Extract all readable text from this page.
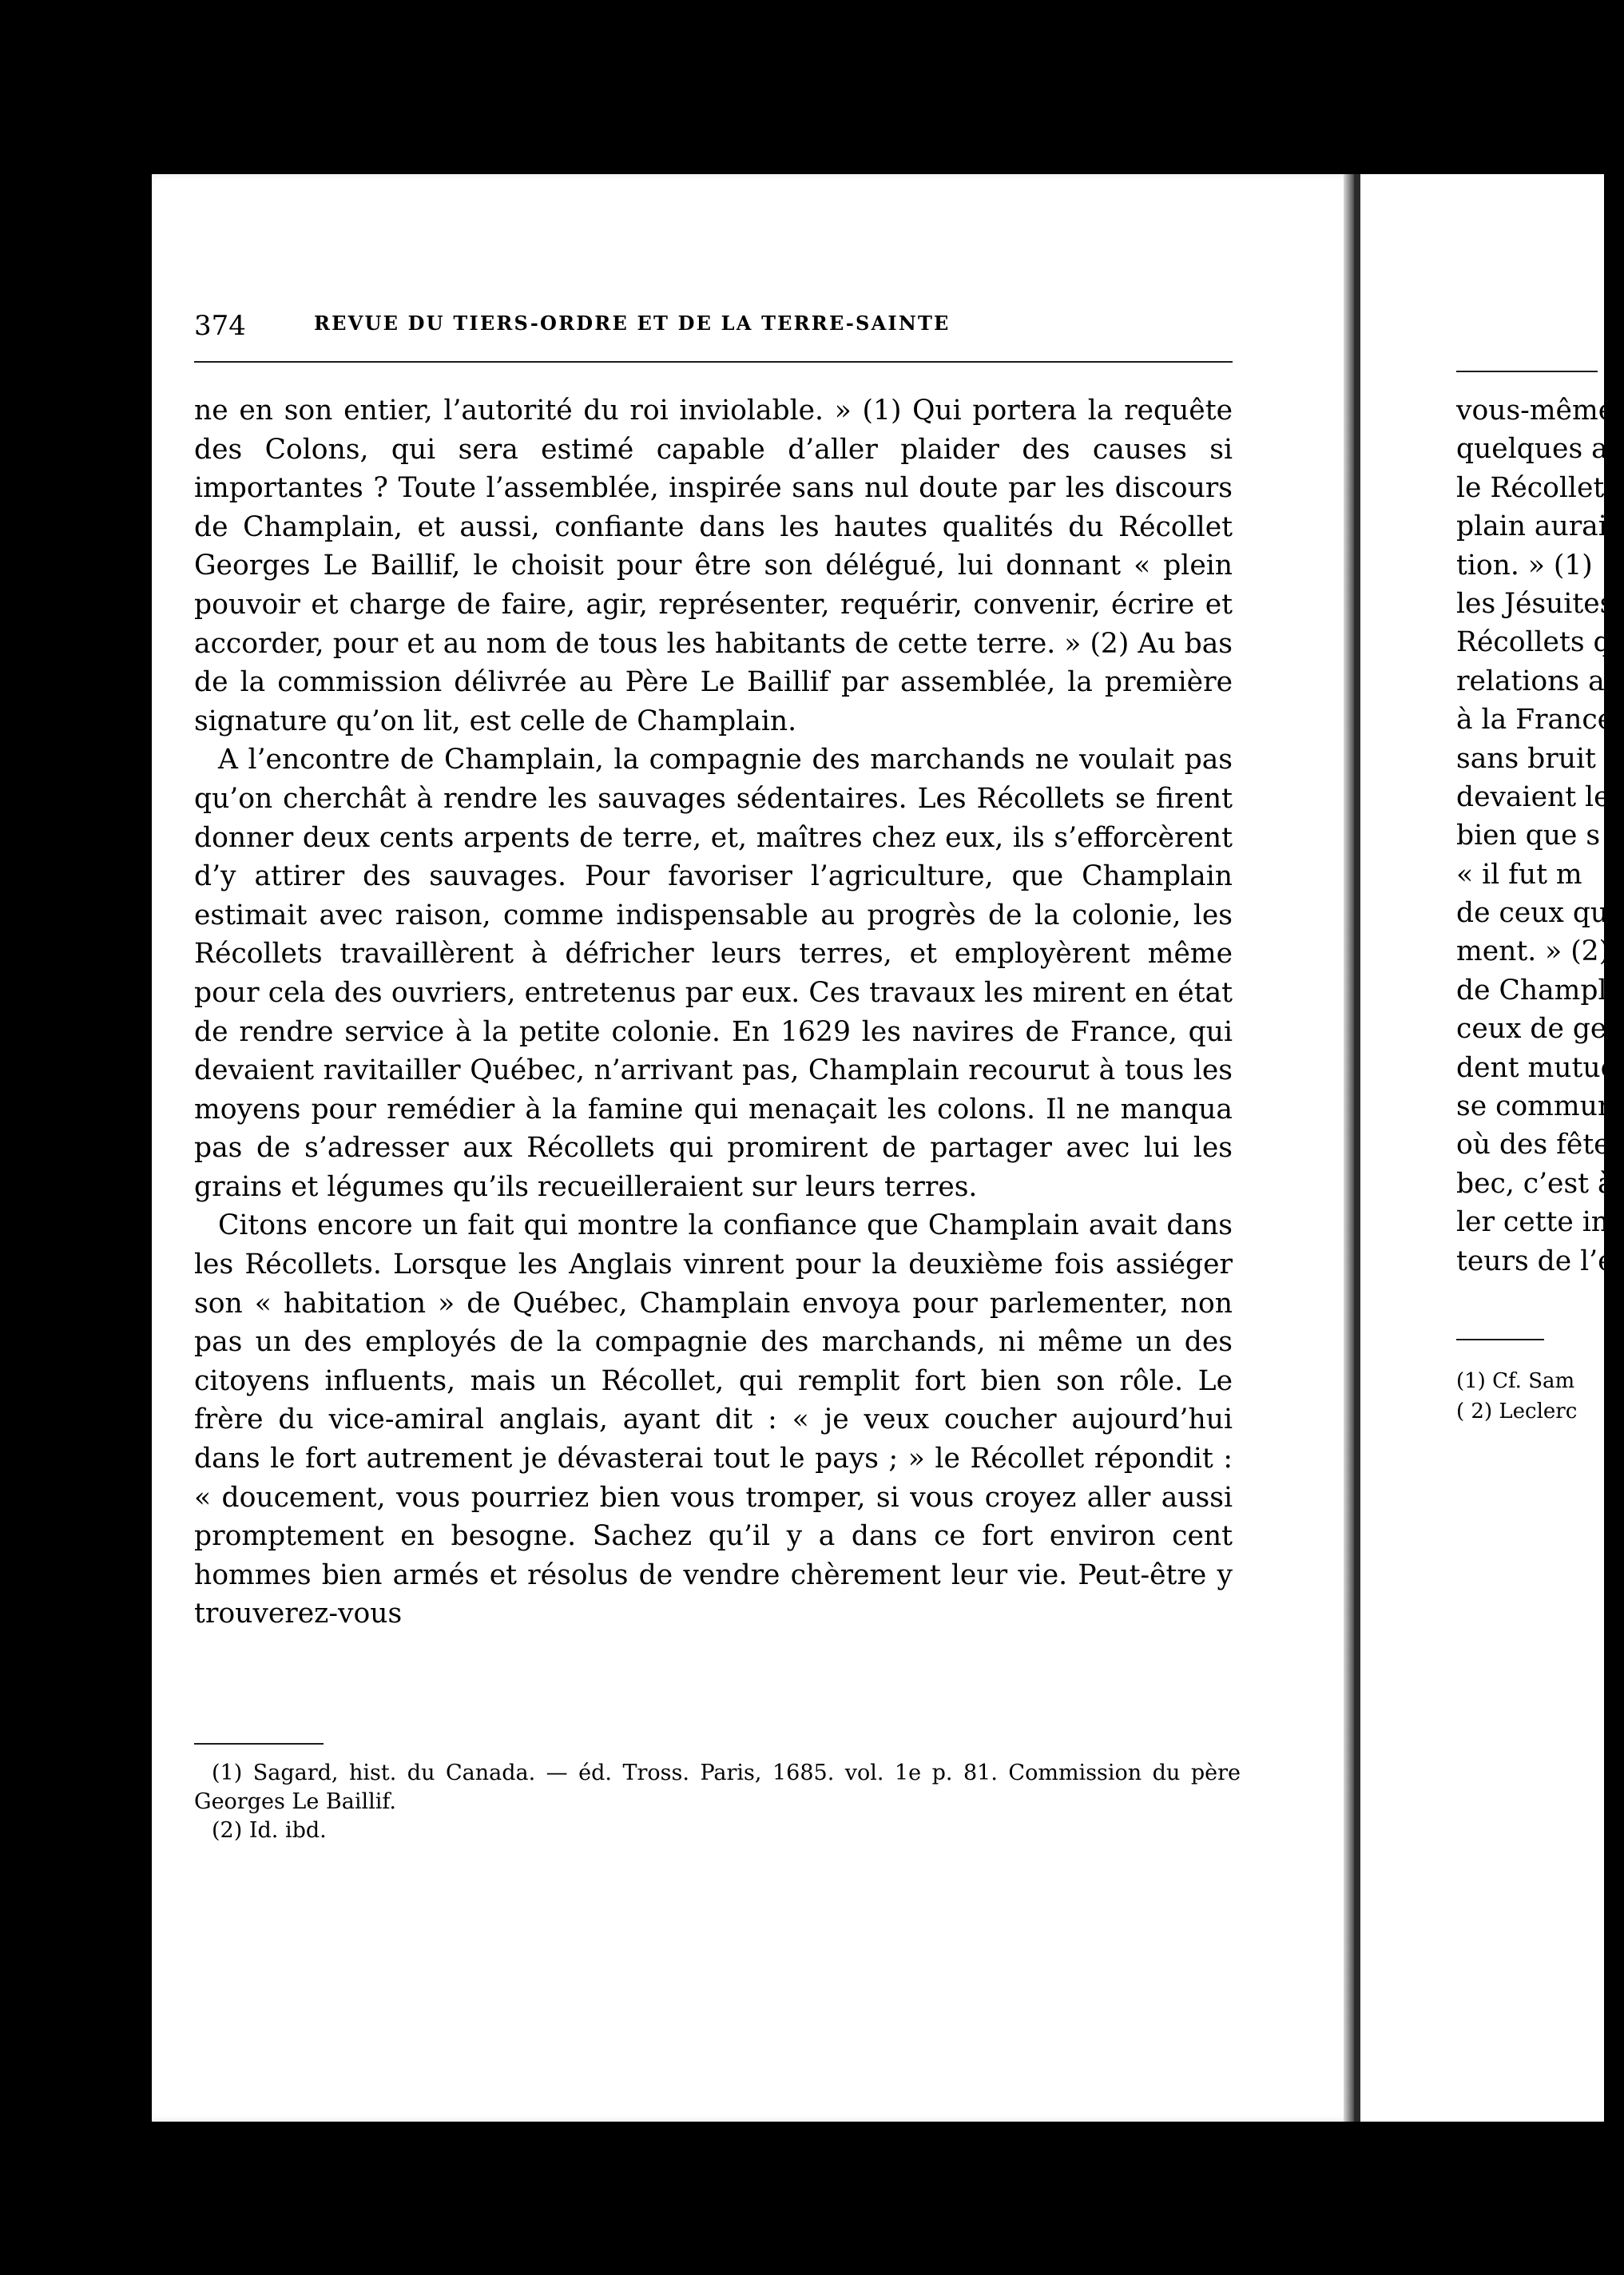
374	REVUE DU TIERS-ORDRE ET DE LA TERRE-SAINTE

ne en son entier, l’autorité du roi inviolable. » (1) Qui portera la requête des Colons, qui sera estimé capable d’aller plaider des causes si importantes ? Toute l’assemblée, inspirée sans nul doute par les discours de Champlain, et aussi, confiante dans les hautes qualités du Récollet Georges Le Baillif, le choisit pour être son délégué, lui donnant « plein pouvoir et charge de faire, agir, représenter, requérir, convenir, écrire et accorder, pour et au nom de tous les habitants de cette terre. » (2) Au bas de la commission délivrée au Père Le Baillif par assemblée, la première signature qu’on lit, est celle de Champlain.

A l’encontre de Champlain, la compagnie des marchands ne voulait pas qu’on cherchât à rendre les sauvages sédentaires. Les Récollets se firent donner deux cents arpents de terre, et, maîtres chez eux, ils s’efforcèrent d’y attirer des sauvages. Pour favoriser l’agriculture, que Champlain estimait avec raison, comme indispensable au progrès de la colonie, les Récollets travaillèrent à défricher leurs terres, et employèrent même pour cela des ouvriers, entretenus par eux. Ces travaux les mirent en état de rendre service à la petite colonie. En 1629 les navires de France, qui devaient ravitailler Québec, n’arrivant pas, Champlain recourut à tous les moyens pour remédier à la famine qui menaçait les colons. Il ne manqua pas de s’adresser aux Récollets qui promirent de partager avec lui les grains et légumes qu’ils recueilleraient sur leurs terres.

Citons encore un fait qui montre la confiance que Champlain avait dans les Récollets. Lorsque les Anglais vinrent pour la deuxième fois assiéger son « habitation » de Québec, Champlain envoya pour parlementer, non pas un des employés de la compagnie des marchands, ni même un des citoyens influents, mais un Récollet, qui remplit fort bien son rôle. Le frère du vice-amiral anglais, ayant dit : « je veux coucher aujourd’hui dans le fort autrement je dévasterai tout le pays ; » le Récollet répondit : « doucement, vous pourriez bien vous tromper, si vous croyez aller aussi promptement en besogne. Sachez qu’il y a dans ce fort environ cent hommes bien armés et résolus de vendre chèrement leur vie. Peut-être y trouverez-vous

(1) Sagard, hist. du Canada. — éd. Tross. Paris, 1685. vol. 1e p. 81. Commission du père Georges Le Baillif.

(2) Id. ibd.

vous-même
quelques a
le Récollet
plain aurait
tion. » (1)
les Jésuites
Récollets q
relations av
à la France
sans bruit à
devaient les
bien que s
« il fut m
de ceux qu
ment. » (2)
de Champl
ceux de ger
dent mutue
se communi
où des fêtes
bec, c’est à-
ler cette in
teurs de l’é
(1) Cf. Sam
( 2) Leclerc
